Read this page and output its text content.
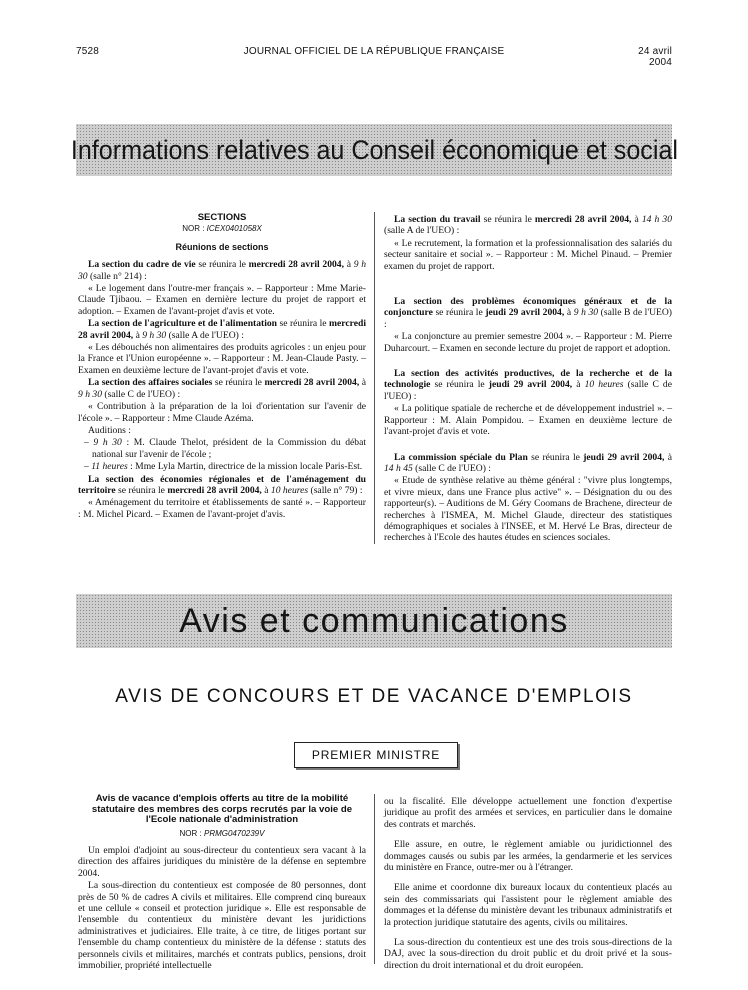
7528	JOURNAL OFFICIEL DE LA RÉPUBLIQUE FRANÇAISE	24 avril 2004
Informations relatives au Conseil économique et social
SECTIONS
NOR : ICEX0401058X
Réunions de sections

La section du cadre de vie se réunira le mercredi 28 avril 2004, à 9 h 30 (salle n° 214) :

« Le logement dans l'outre-mer français ». – Rapporteur : Mme Marie-Claude Tjibaou. – Examen en dernière lecture du projet de rapport et adoption. – Examen de l'avant-projet d'avis et vote.

La section de l'agriculture et de l'alimentation se réunira le mercredi 28 avril 2004, à 9 h 30 (salle A de l'UEO) :

« Les débouchés non alimentaires des produits agricoles : un enjeu pour la France et l'Union européenne ». – Rapporteur : M. Jean-Claude Pasty. – Examen en deuxième lecture de l'avant-projet d'avis et vote.

La section des affaires sociales se réunira le mercredi 28 avril 2004, à 9 h 30 (salle C de l'UEO) :

« Contribution à la préparation de la loi d'orientation sur l'avenir de l'école ». – Rapporteur : Mme Claude Azéma.

Auditions :

– 9 h 30 : M. Claude Thelot, président de la Commission du débat national sur l'avenir de l'école ;

– 11 heures : Mme Lyla Martin, directrice de la mission locale Paris-Est.

La section des économies régionales et de l'aménagement du territoire se réunira le mercredi 28 avril 2004, à 10 heures (salle n° 79) :

« Aménagement du territoire et établissements de santé ». – Rapporteur : M. Michel Picard. – Examen de l'avant-projet d'avis.

La section du travail se réunira le mercredi 28 avril 2004, à 14 h 30 (salle A de l'UEO) :

« Le recrutement, la formation et la professionnalisation des salariés du secteur sanitaire et social ». – Rapporteur : M. Michel Pinaud. – Premier examen du projet de rapport.

La section des problèmes économiques généraux et de la conjoncture se réunira le jeudi 29 avril 2004, à 9 h 30 (salle B de l'UEO) :

« La conjoncture au premier semestre 2004 ». – Rapporteur : M. Pierre Duharcourt. – Examen en seconde lecture du projet de rapport et adoption.

La section des activités productives, de la recherche et de la technologie se réunira le jeudi 29 avril 2004, à 10 heures (salle C de l'UEO) :

« La politique spatiale de recherche et de développement industriel ». – Rapporteur : M. Alain Pompidou. – Examen en deuxième lecture de l'avant-projet d'avis et vote.

La commission spéciale du Plan se réunira le jeudi 29 avril 2004, à 14 h 45 (salle C de l'UEO) :

« Etude de synthèse relative au thème général : "vivre plus longtemps, et vivre mieux, dans une France plus active" ». – Désignation du ou des rapporteur(s). – Auditions de M. Géry Coomans de Brachene, directeur de recherches à l'ISMEA, M. Michel Glaude, directeur des statistiques démographiques et sociales à l'INSEE, et M. Hervé Le Bras, directeur de recherches à l'Ecole des hautes études en sciences sociales.

Avis et communications
AVIS DE CONCOURS ET DE VACANCE D'EMPLOIS
PREMIER MINISTRE
Avis de vacance d'emplois offerts au titre de la mobilité statutaire des membres des corps recrutés par la voie de l'Ecole nationale d'administration
NOR : PRMG0470239V

Un emploi d'adjoint au sous-directeur du contentieux sera vacant à la direction des affaires juridiques du ministère de la défense en septembre 2004.

La sous-direction du contentieux est composée de 80 personnes, dont près de 50 % de cadres A civils et militaires. Elle comprend cinq bureaux et une cellule « conseil et protection juridique ». Elle est responsable de l'ensemble du contentieux du ministère devant les juridictions administratives et judiciaires. Elle traite, à ce titre, de litiges portant sur l'ensemble du champ contentieux du ministère de la défense : statuts des personnels civils et militaires, marchés et contrats publics, pensions, droit immobilier, propriété intellectuelle

ou la fiscalité. Elle développe actuellement une fonction d'expertise juridique au profit des armées et services, en particulier dans le domaine des contrats et marchés.

Elle assure, en outre, le règlement amiable ou juridictionnel des dommages causés ou subis par les armées, la gendarmerie et les services du ministère en France, outre-mer ou à l'étranger.

Elle anime et coordonne dix bureaux locaux du contentieux placés au sein des commissariats qui l'assistent pour le règlement amiable des dommages et la défense du ministère devant les tribunaux administratifs et la protection juridique statutaire des agents, civils ou militaires.

La sous-direction du contentieux est une des trois sous-directions de la DAJ, avec la sous-direction du droit public et du droit privé et la sous-direction du droit international et du droit européen.
